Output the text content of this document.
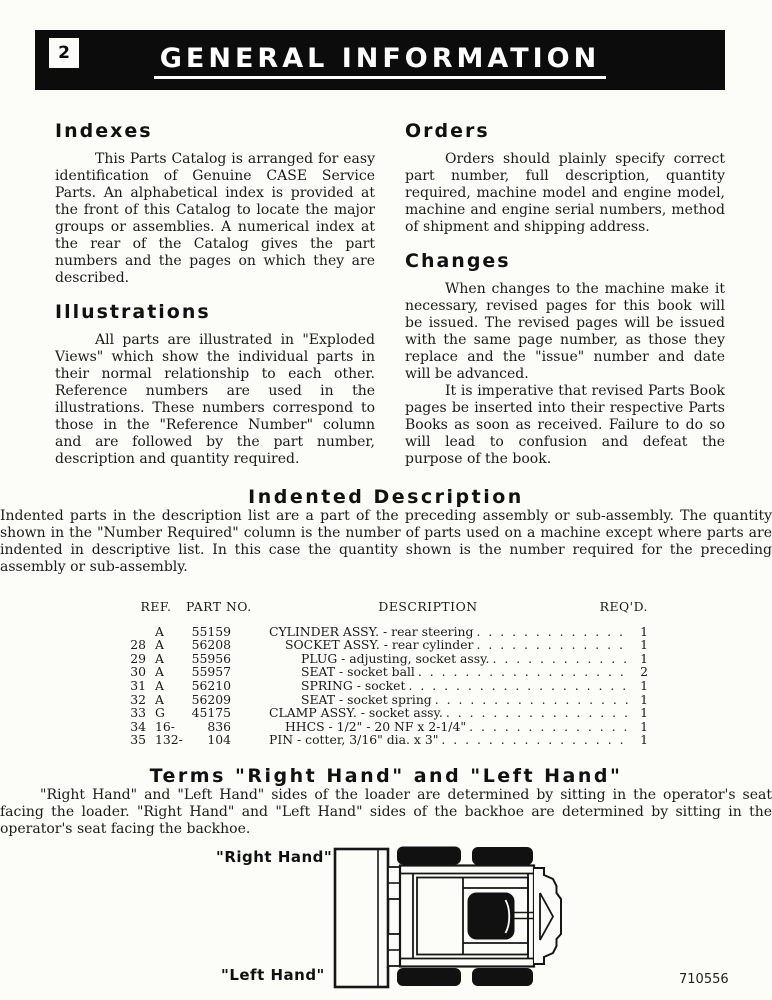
2	GENERAL INFORMATION
Indexes

This Parts Catalog is arranged for easy identification of Genuine CASE Service Parts. An alphabetical index is provided at the front of this Catalog to locate the major groups or assemblies. A numerical index at the rear of the Catalog gives the part numbers and the pages on which they are described.

Illustrations

All parts are illustrated in "Exploded Views" which show the individual parts in their normal relationship to each other. Reference numbers are used in the illustrations. These numbers correspond to those in the "Reference Number" column and are followed by the part number, description and quantity required.

Orders

Orders should plainly specify correct part number, full description, quantity required, machine model and engine model, machine and engine serial numbers, method of shipment and shipping address.

Changes

When changes to the machine make it necessary, revised pages for this book will be issued. The revised pages will be issued with the same page number, as those they replace and the "issue" number and date will be advanced.

It is imperative that revised Parts Book pages be inserted into their respective Parts Books as soon as received. Failure to do so will lead to confusion and defeat the purpose of the book.

Indented Description

Indented parts in the description list are a part of the preceding assembly or sub-assembly. The quantity shown in the "Number Required" column is the number of parts used on a machine except where parts are indented in descriptive list. In this case the quantity shown is the number required for the preceding assembly or sub-assembly.

REF.	PART NO.	DESCRIPTION	REQ'D.
A	55159	CYLINDER ASSY. - rear steering . . .	1
28 A	56208	SOCKET ASSY. - rear cylinder . . .	1
29 A	55956	PLUG - adjusting, socket assy. . . .	1
30 A	55957	SEAT - socket ball . . .	2
31 A	56210	SPRING - socket . . .	1
32 A	56209	SEAT - socket spring . . .	1
33 G	45175	CLAMP ASSY. - socket assy. . . .	1
34 16-	836	HHCS - 1/2" - 20 NF x 2-1/4" . . .	1
35 132-	104	PIN - cotter, 3/16" dia. x 3" . . .	1
Terms "Right Hand" and "Left Hand"

"Right Hand" and "Left Hand" sides of the loader are determined by sitting in the operator's seat facing the loader. "Right Hand" and "Left Hand" sides of the backhoe are determined by sitting in the operator's seat facing the backhoe.

"Right Hand"
"Left Hand"	710556
